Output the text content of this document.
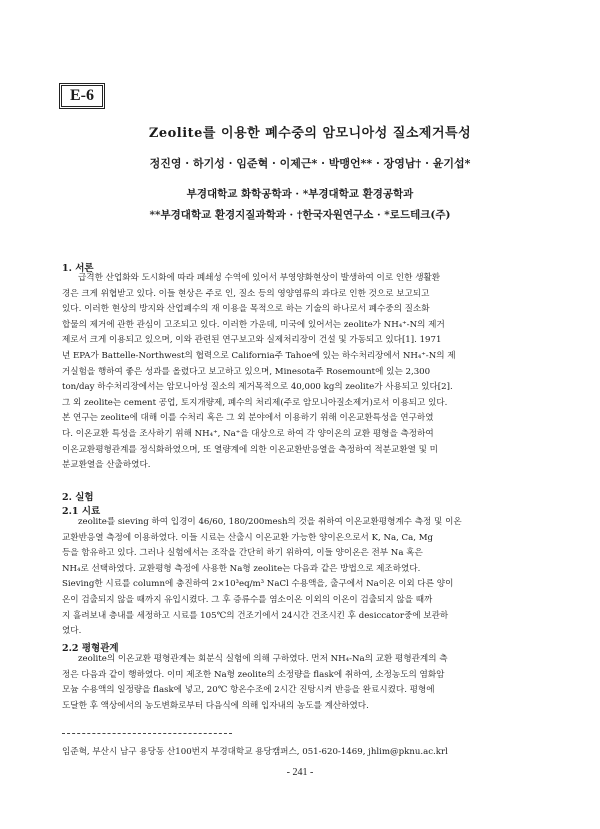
E-6
Zeolite를 이용한 폐수중의 암모니아성 질소제거특성
정진영 · 하기성 · 임준혁 · 이제근* · 박맹언** · 장영남† · 윤기섭*
부경대학교 화학공학과 · *부경대학교 환경공학과
**부경대학교 환경지질과학과 · †한국자원연구소 · *로드테크(주)
1. 서론
급격한 산업화와 도시화에 따라 폐쇄성 수역에 있어서 부영양화현상이 발생하여 이로 인한 생활환
경은 크게 위협받고 있다. 이들 현상은 주로 인, 질소 등의 영양염류의 과다로 인한 것으로 보고되고
있다. 이러한 현상의 방지와 산업폐수의 재 이용을 목적으로 하는 기술의 하나로서 폐수중의 질소화
합물의 제거에 관한 관심이 고조되고 있다. 이러한 가운데, 미국에 있어서는 zeolite가 NH₄⁺-N의 제거
제로서 크게 이용되고 있으며, 이와 관련된 연구보고와 실제처리장이 건설 및 가동되고 있다[1]. 1971
년 EPA가 Battelle-Northwest의 협력으로 California주 Tahoe에 있는 하수처리장에서 NH₄⁺-N의 제
거실험을 행하여 좋은 성과를 올렸다고 보고하고 있으며, Minesota주 Rosemount에 있는 2,300
ton/day 하수처리장에서는 암모니아성 질소의 제거목적으로 40,000 kg의 zeolite가 사용되고 있다[2].
그 외 zeolite는 cement 공업, 토지개량제, 폐수의 처리제(주로 암모니아질소제거)로서 이용되고 있다.
본 연구는 zeolite에 대해 이를 수처리 혹은 그 외 분야에서 이용하기 위해 이온교환특성을 연구하였
다. 이온교환 특성을 조사하기 위해 NH₄⁺, Na⁺을 대상으로 하여 각 양이온의 교환 평형을 측정하여
이온교환평형관계를 정식화하였으며, 또 열량계에 의한 이온교환반응열을 측정하여 적분교환열 및 미
분교환열을 산출하였다.
2. 실험
2.1 시료
zeolite를 sieving 하여 입경이 46/60, 180/200mesh의 것을 취하여 이온교환평형계수 측정 및 이온
교환반응열 측정에 이용하였다. 이들 시료는 산출시 이온교환 가능한 양이온으로서 K, Na, Ca, Mg
등을 함유하고 있다. 그러나 실험에서는 조작을 간단히 하기 위하여, 이들 양이온은 전부 Na 혹은
NH₄로 선택하였다. 교환평형 측정에 사용한 Na형 zeolite는 다음과 같은 방법으로 제조하였다.
Sieving한 시료를 column에 충진하여 2×10³eq/m³ NaCl 수용액을, 출구에서 Na이온 이외 다른 양이
온이 검출되지 않을 때까지 유입시켰다. 그 후 증류수를 염소이온 이외의 이온이 검출되지 않을 때까
지 흘려보내 층내를 세정하고 시료를 105℃의 건조기에서 24시간 건조시킨 후 desiccator중에 보관하
였다.
2.2 평형관계
zeolite의 이온교환 평형관계는 회분식 실험에 의해 구하였다. 먼저 NH₄-Na의 교환 평형관계의 측
정은 다음과 같이 행하였다. 이미 제조한 Na형 zeolite의 소정량을 flask에 취하여, 소정농도의 염화암
모늄 수용액의 일정량을 flask에 넣고, 20℃ 항온수조에 2시간 진탕시켜 반응을 완료시켰다. 평형에
도달한 후 액상에서의 농도변화로부터 다음식에 의해 입자내의 농도를 계산하였다.
임준혁, 부산시 남구 용당동 산100번지 부경대학교 용당캠퍼스, 051-620-1469, jhlim@pknu.ac.krl
- 241 -
